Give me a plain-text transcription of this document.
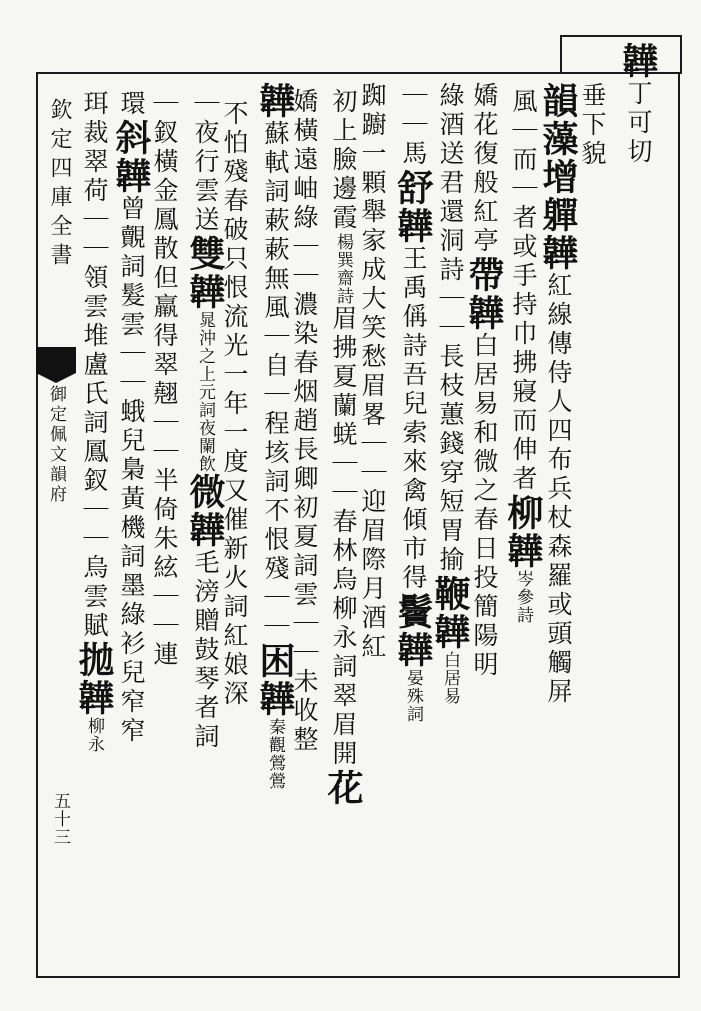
欽定四庫全書
御定佩文韻府
五十三
韡丁可切
垂下貌
韻藻增軃韡紅線傳侍人四布兵杖森羅或頭觸屏
風｜而｜者或手持巾拂寢而伸者柳韡岑參詩
嬌花復般紅亭帶韡白居易和微之春日投簡陽明
綠酒送君還洞詩｜｜長枝蕙錢穿短胃揄鞭韡白居易
｜｜馬舒韡王禹偁詩吾兒索來禽傾市得鬢韡晏殊詞
踟躕一顆舉家成大笑愁眉畧｜｜迎眉際月酒紅
初上臉邊霞楊巽齋詩眉拂夏蘭蜣｜｜春林烏柳永詞翠眉開花
嬌橫遠岫綠｜｜濃染春烟趙長卿初夏詞雲｜｜未收整
韡蘇軾詞蔌蔌無風｜自｜程垓詞不恨殘｜｜困韡秦觀鶯鶯
不怕殘春破只恨流光一年一度又催新火詞紅娘深
｜夜行雲送雙韡晁沖之上元詞夜闌飲微韡毛滂贈鼓琴者詞
｜釵橫金鳳散但羸得翠翹｜｜半倚朱絃｜｜連
環斜韡曾覿詞髮雲｜｜蛾兒梟黃機詞墨綠衫兒窄窄
珥裁翠荷｜｜領雲堆盧氏詞鳳釵｜｜烏雲賦拋韡柳永
